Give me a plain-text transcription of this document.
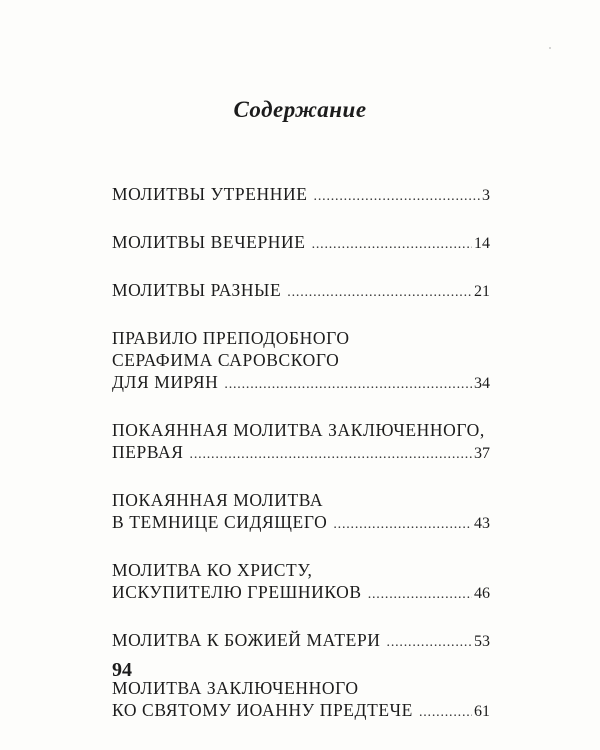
Содержание
МОЛИТВЫ УТРЕННИЕ .....	3
МОЛИТВЫ ВЕЧЕРНИЕ .....	14
МОЛИТВЫ РАЗНЫЕ .....	21
ПРАВИЛО ПРЕПОДОБНОГО
СЕРАФИМА САРОВСКОГО
ДЛЯ МИРЯН .....	34
ПОКАЯННАЯ МОЛИТВА ЗАКЛЮЧЕННОГО,
ПЕРВАЯ .....	37
ПОКАЯННАЯ МОЛИТВА
В ТЕМНИЦЕ СИДЯЩЕГО .....	43
МОЛИТВА КО ХРИСТУ,
ИСКУПИТЕЛЮ ГРЕШНИКОВ .....	46
МОЛИТВА К БОЖИЕЙ МАТЕРИ .....	53
МОЛИТВА ЗАКЛЮЧЕННОГО
КО СВЯТОМУ ИОАННУ ПРЕДТЕЧЕ .....	61
94
